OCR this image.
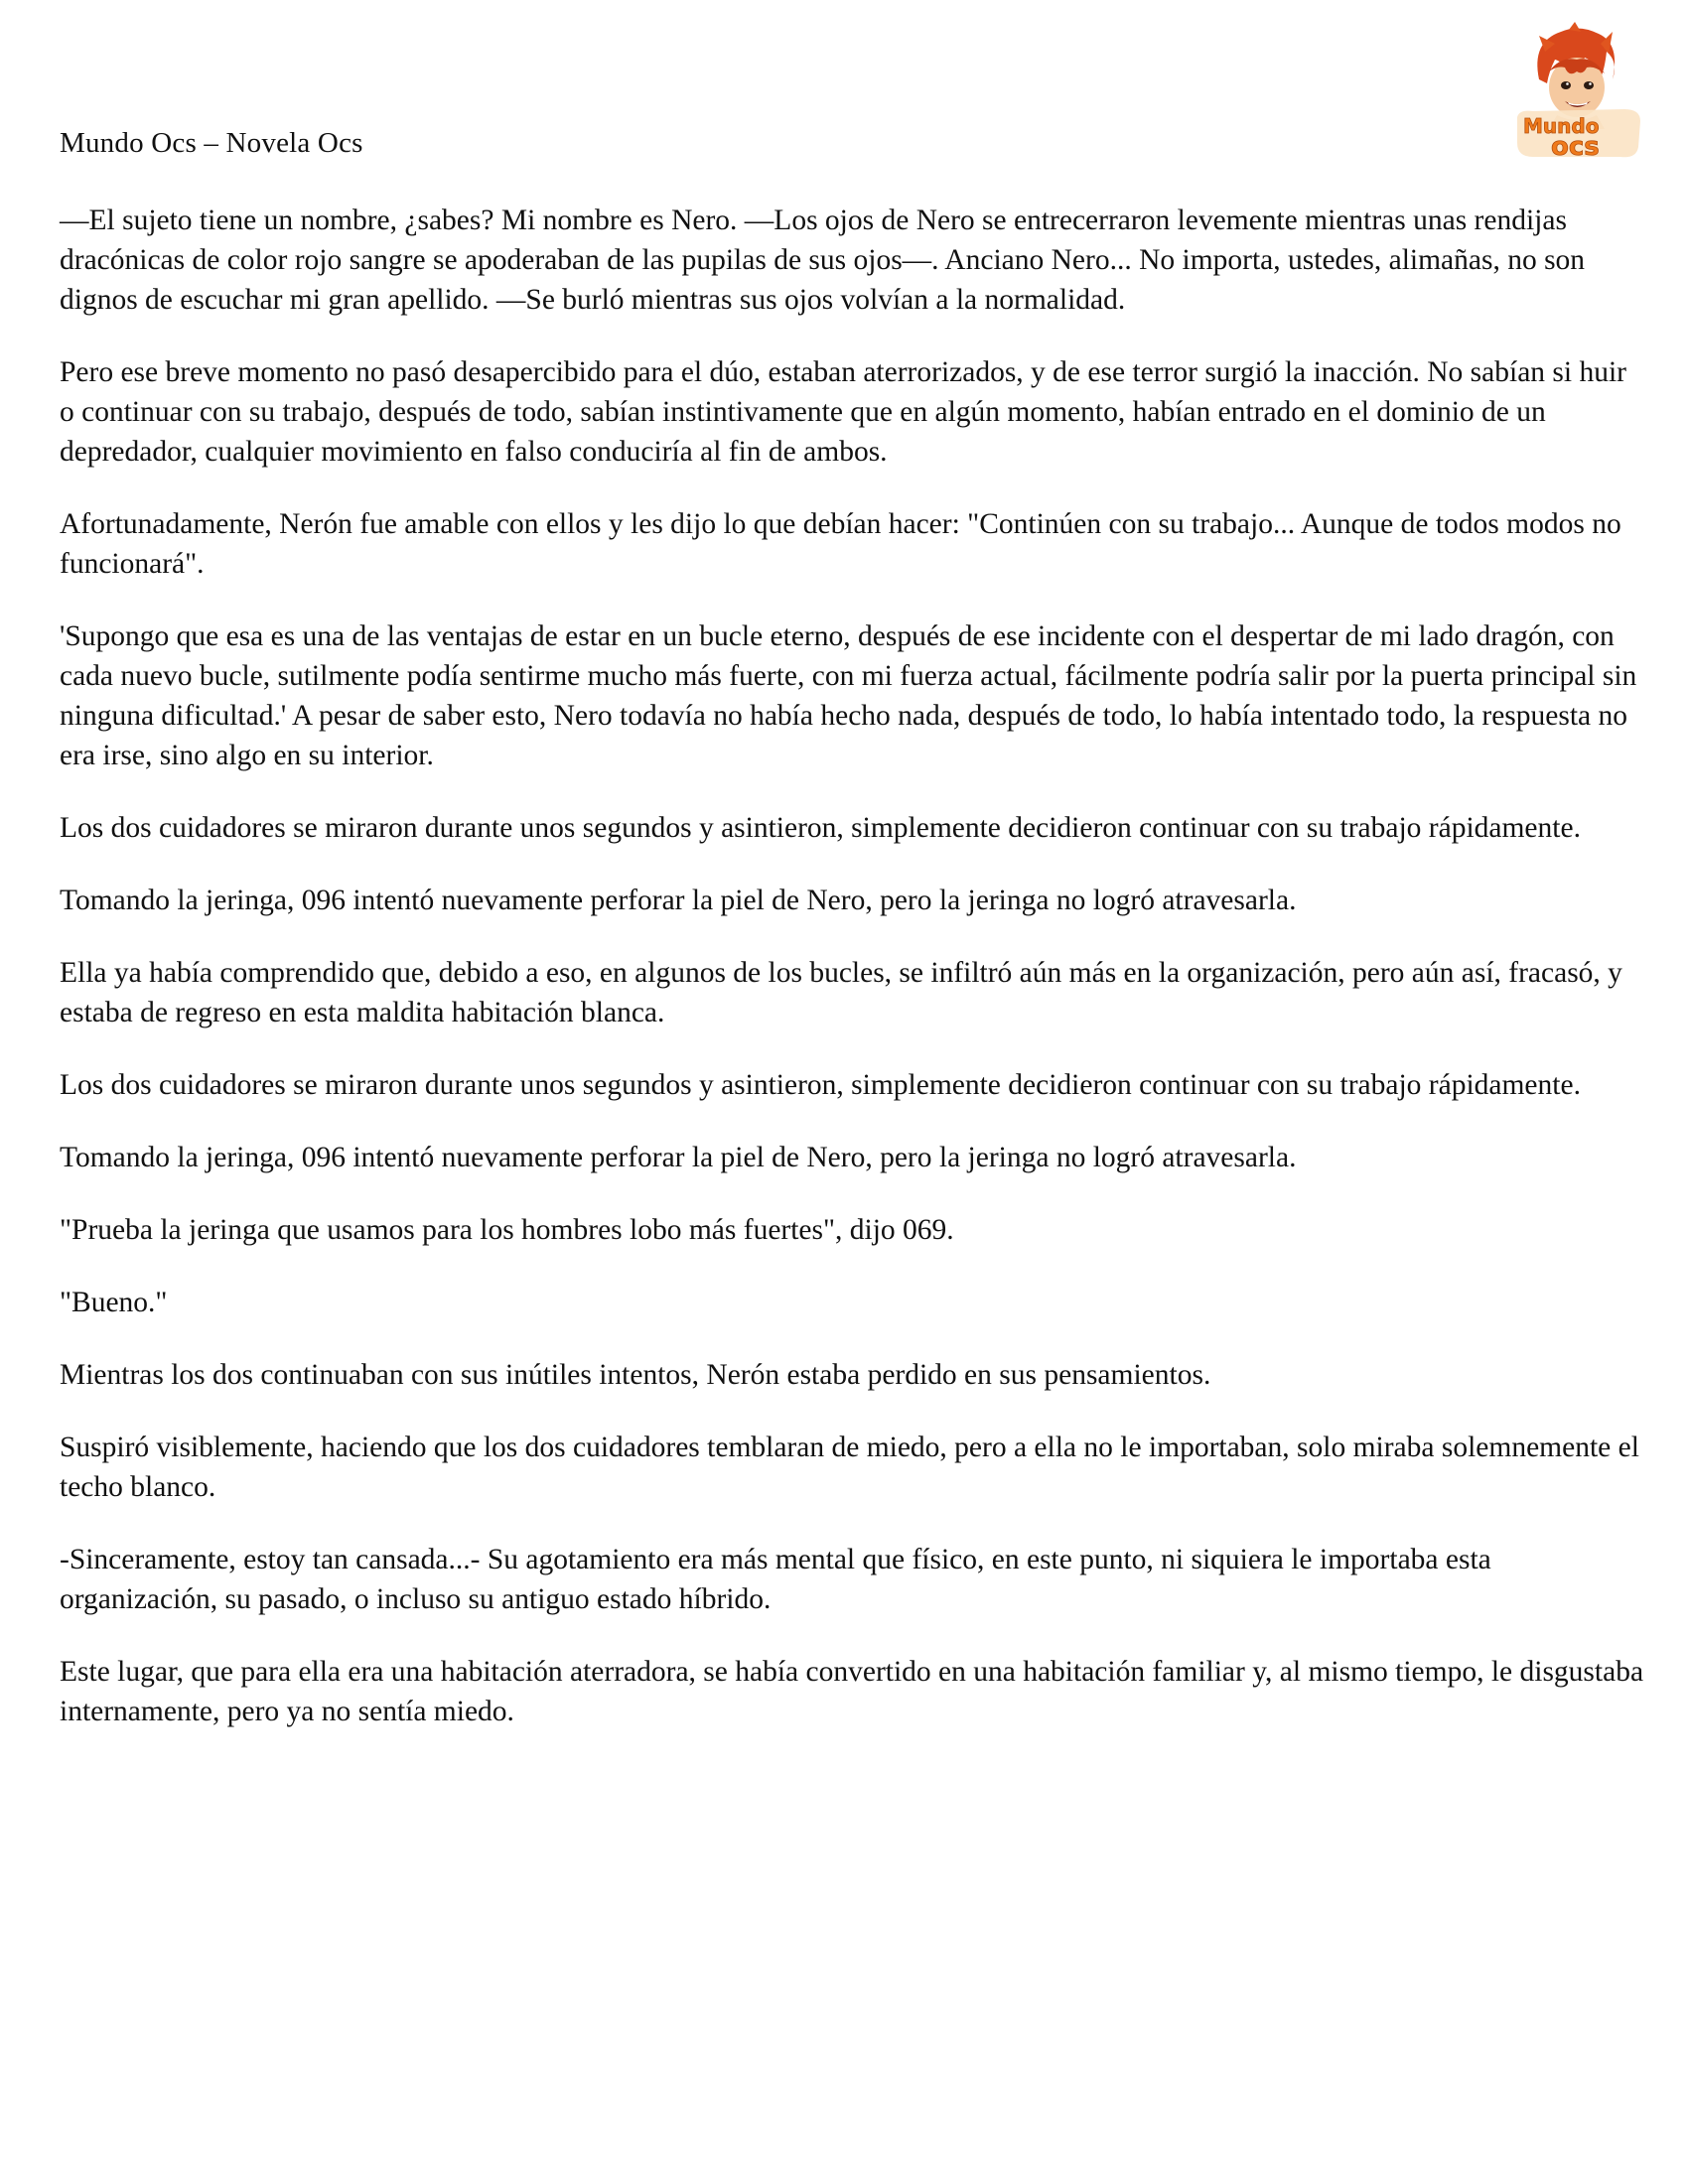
Mundo
ocs

Mundo Ocs – Novela Ocs

—El sujeto tiene un nombre, ¿sabes? Mi nombre es Nero. —Los ojos de Nero se entrecerraron levemente mientras unas rendijas dracónicas de color rojo sangre se apoderaban de las pupilas de sus ojos—. Anciano Nero... No importa, ustedes, alimañas, no son dignos de escuchar mi gran apellido. —Se burló mientras sus ojos volvían a la normalidad.

Pero ese breve momento no pasó desapercibido para el dúo, estaban aterrorizados, y de ese terror surgió la inacción. No sabían si huir o continuar con su trabajo, después de todo, sabían instintivamente que en algún momento, habían entrado en el dominio de un depredador, cualquier movimiento en falso conduciría al fin de ambos.

Afortunadamente, Nerón fue amable con ellos y les dijo lo que debían hacer: "Continúen con su trabajo... Aunque de todos modos no funcionará".

'Supongo que esa es una de las ventajas de estar en un bucle eterno, después de ese incidente con el despertar de mi lado dragón, con cada nuevo bucle, sutilmente podía sentirme mucho más fuerte, con mi fuerza actual, fácilmente podría salir por la puerta principal sin ninguna dificultad.' A pesar de saber esto, Nero todavía no había hecho nada, después de todo, lo había intentado todo, la respuesta no era irse, sino algo en su interior.

Los dos cuidadores se miraron durante unos segundos y asintieron, simplemente decidieron continuar con su trabajo rápidamente.

Tomando la jeringa, 096 intentó nuevamente perforar la piel de Nero, pero la jeringa no logró atravesarla.

Ella ya había comprendido que, debido a eso, en algunos de los bucles, se infiltró aún más en la organización, pero aún así, fracasó, y estaba de regreso en esta maldita habitación blanca.

Los dos cuidadores se miraron durante unos segundos y asintieron, simplemente decidieron continuar con su trabajo rápidamente.

Tomando la jeringa, 096 intentó nuevamente perforar la piel de Nero, pero la jeringa no logró atravesarla.

"Prueba la jeringa que usamos para los hombres lobo más fuertes", dijo 069.

"Bueno."

Mientras los dos continuaban con sus inútiles intentos, Nerón estaba perdido en sus pensamientos.

Suspiró visiblemente, haciendo que los dos cuidadores temblaran de miedo, pero a ella no le importaban, solo miraba solemnemente el techo blanco.

-Sinceramente, estoy tan cansada...- Su agotamiento era más mental que físico, en este punto, ni siquiera le importaba esta organización, su pasado, o incluso su antiguo estado híbrido.

Este lugar, que para ella era una habitación aterradora, se había convertido en una habitación familiar y, al mismo tiempo, le disgustaba internamente, pero ya no sentía miedo.
